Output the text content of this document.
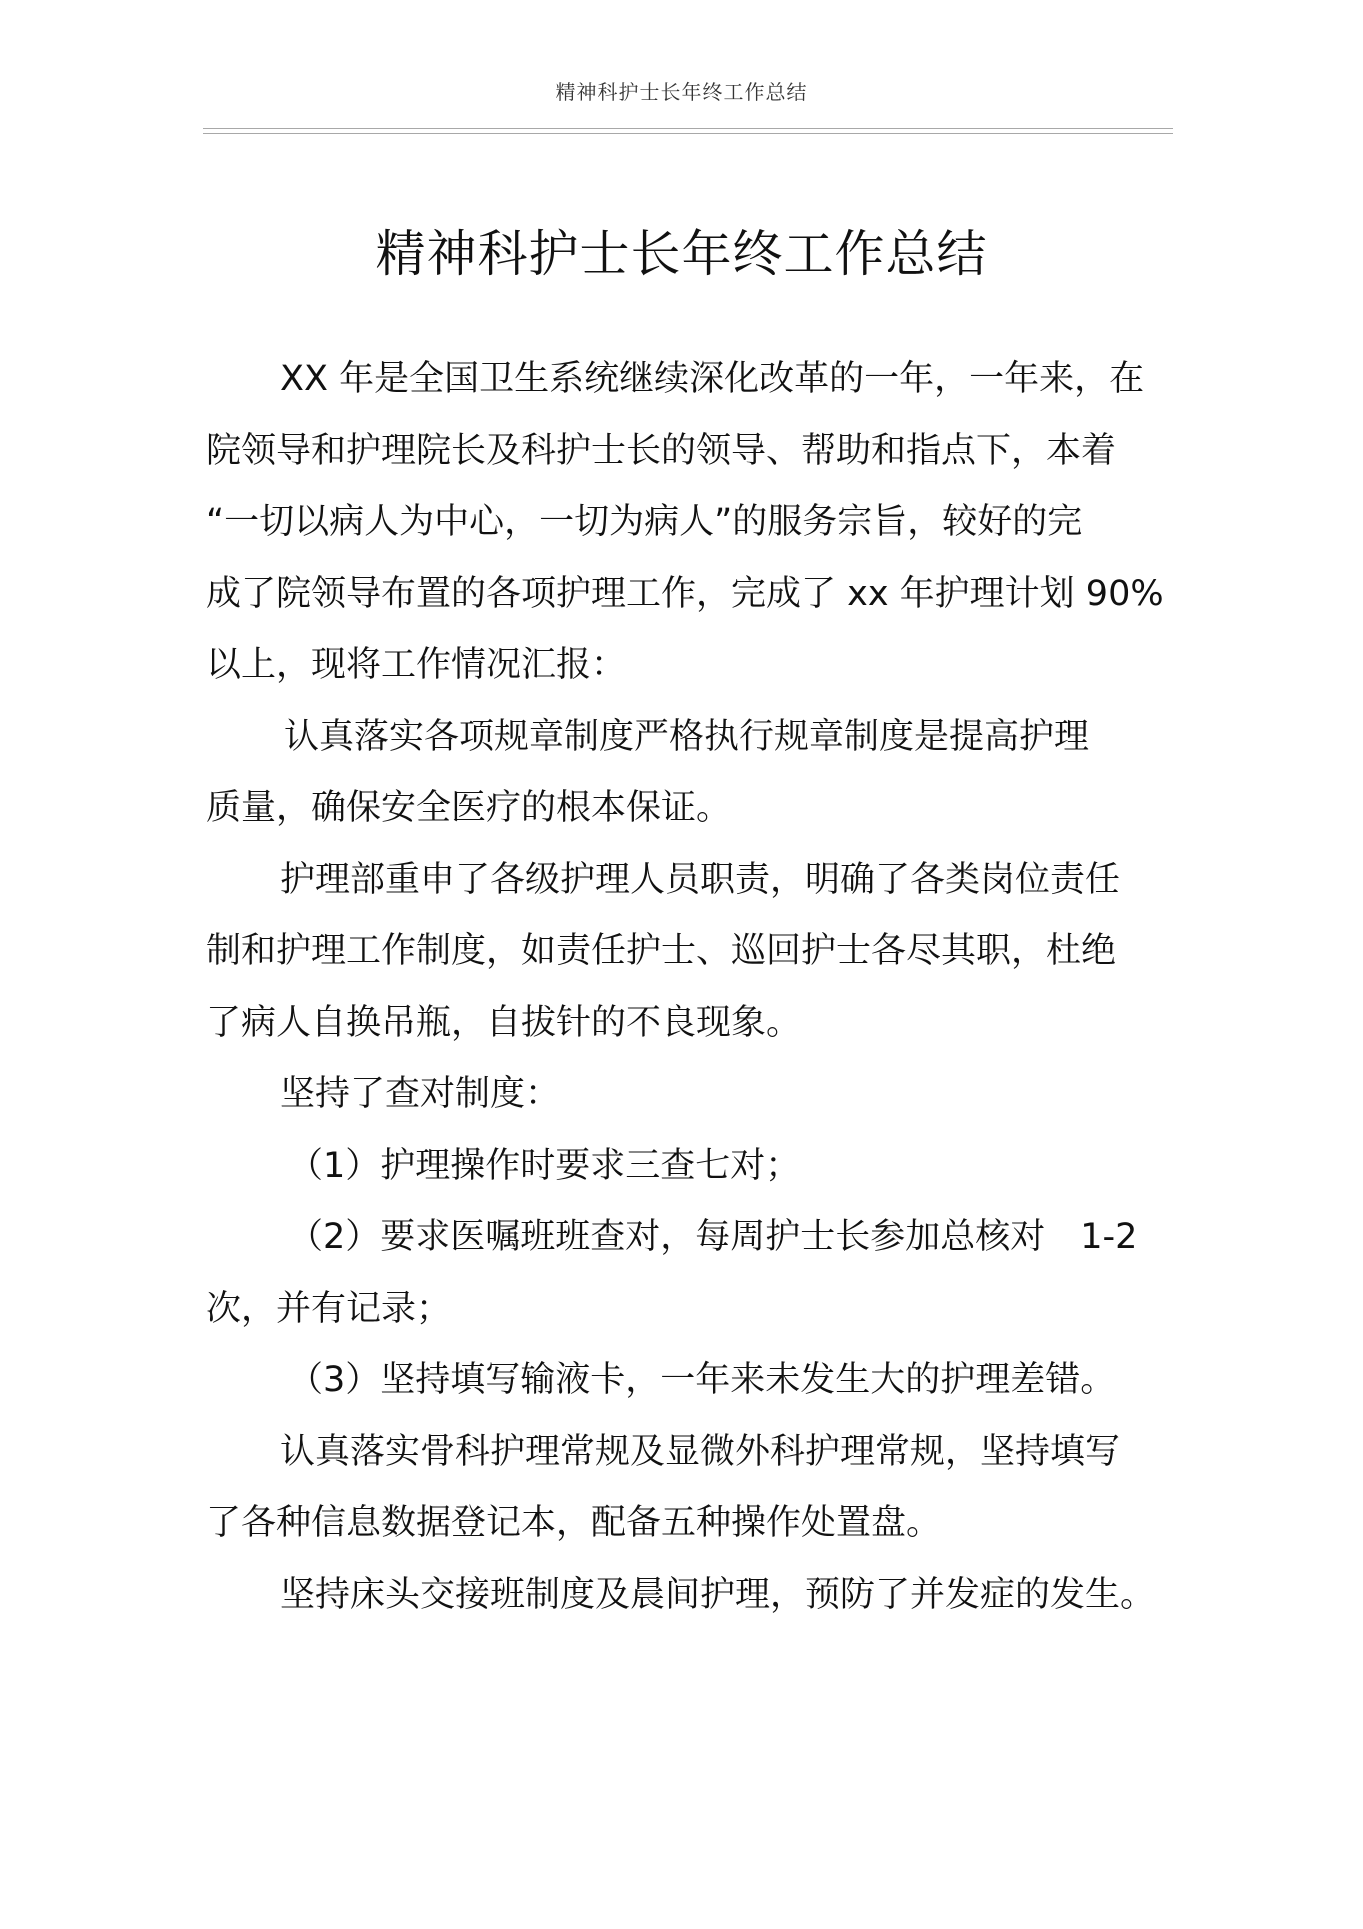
精神科护士长年终工作总结
精神科护士长年终工作总结

XX 年是全国卫生系统继续深化改革的一年，一年来，在
院领导和护理院长及科护士长的领导、帮助和指点下，本着
“一切以病人为中心，一切为病人”的服务宗旨，较好的完
成了院领导布置的各项护理工作，完成了 xx 年护理计划 90%
以上，现将工作情况汇报：

认真落实各项规章制度严格执行规章制度是提高护理
质量，确保安全医疗的根本保证。

护理部重申了各级护理人员职责，明确了各类岗位责任
制和护理工作制度，如责任护士、巡回护士各尽其职，杜绝
了病人自换吊瓶，自拔针的不良现象。

坚持了查对制度：

（1）护理操作时要求三查七对；

（2）要求医嘱班班查对，每周护士长参加总核对　1-2
次，并有记录；

（3）坚持填写输液卡，一年来未发生大的护理差错。

认真落实骨科护理常规及显微外科护理常规，坚持填写
了各种信息数据登记本，配备五种操作处置盘。

坚持床头交接班制度及晨间护理，预防了并发症的发生。
